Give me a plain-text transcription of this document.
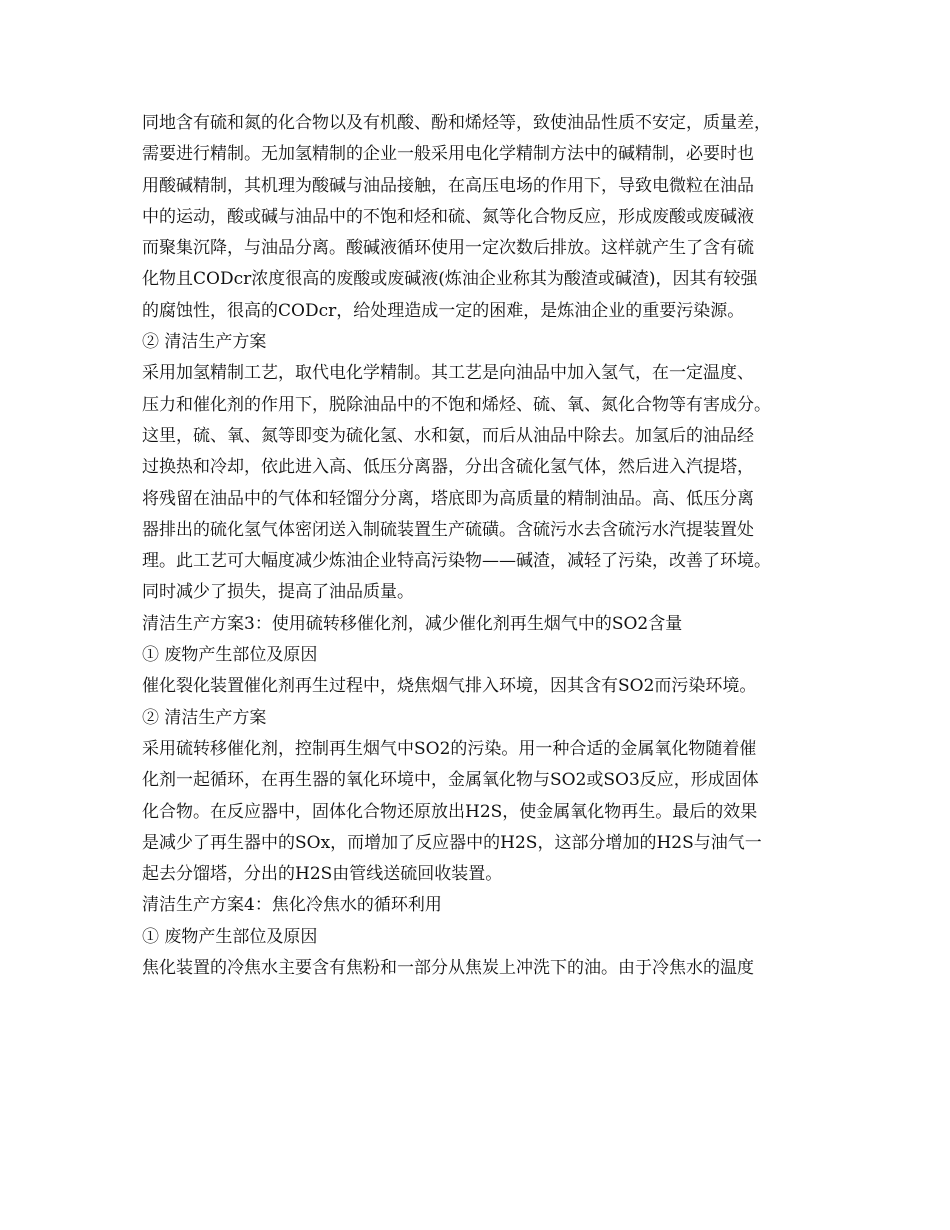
同地含有硫和氮的化合物以及有机酸、酚和烯烃等，致使油品性质不安定，质量差，
需要进行精制。无加氢精制的企业一般采用电化学精制方法中的碱精制，必要时也
用酸碱精制，其机理为酸碱与油品接触，在高压电场的作用下，导致电微粒在油品
中的运动，酸或碱与油品中的不饱和烃和硫、氮等化合物反应，形成废酸或废碱液
而聚集沉降，与油品分离。酸碱液循环使用一定次数后排放。这样就产生了含有硫
化物且CODcr浓度很高的废酸或废碱液(炼油企业称其为酸渣或碱渣)，因其有较强
的腐蚀性，很高的CODcr，给处理造成一定的困难，是炼油企业的重要污染源。
② 清洁生产方案
采用加氢精制工艺，取代电化学精制。其工艺是向油品中加入氢气，在一定温度、
压力和催化剂的作用下，脱除油品中的不饱和烯烃、硫、氧、氮化合物等有害成分。
这里，硫、氧、氮等即变为硫化氢、水和氨，而后从油品中除去。加氢后的油品经
过换热和冷却，依此进入高、低压分离器，分出含硫化氢气体，然后进入汽提塔，
将残留在油品中的气体和轻馏分分离，塔底即为高质量的精制油品。高、低压分离
器排出的硫化氢气体密闭送入制硫装置生产硫磺。含硫污水去含硫污水汽提装置处
理。此工艺可大幅度减少炼油企业特高污染物——碱渣，减轻了污染，改善了环境。
同时减少了损失，提高了油品质量。
清洁生产方案3：使用硫转移催化剂，减少催化剂再生烟气中的SO2含量
① 废物产生部位及原因
催化裂化装置催化剂再生过程中，烧焦烟气排入环境，因其含有SO2而污染环境。
② 清洁生产方案
采用硫转移催化剂，控制再生烟气中SO2的污染。用一种合适的金属氧化物随着催
化剂一起循环，在再生器的氧化环境中，金属氧化物与SO2或SO3反应，形成固体
化合物。在反应器中，固体化合物还原放出H2S，使金属氧化物再生。最后的效果
是减少了再生器中的SOx，而增加了反应器中的H2S，这部分增加的H2S与油气一
起去分馏塔，分出的H2S由管线送硫回收装置。
清洁生产方案4：焦化冷焦水的循环利用
① 废物产生部位及原因
焦化装置的冷焦水主要含有焦粉和一部分从焦炭上冲洗下的油。由于冷焦水的温度
